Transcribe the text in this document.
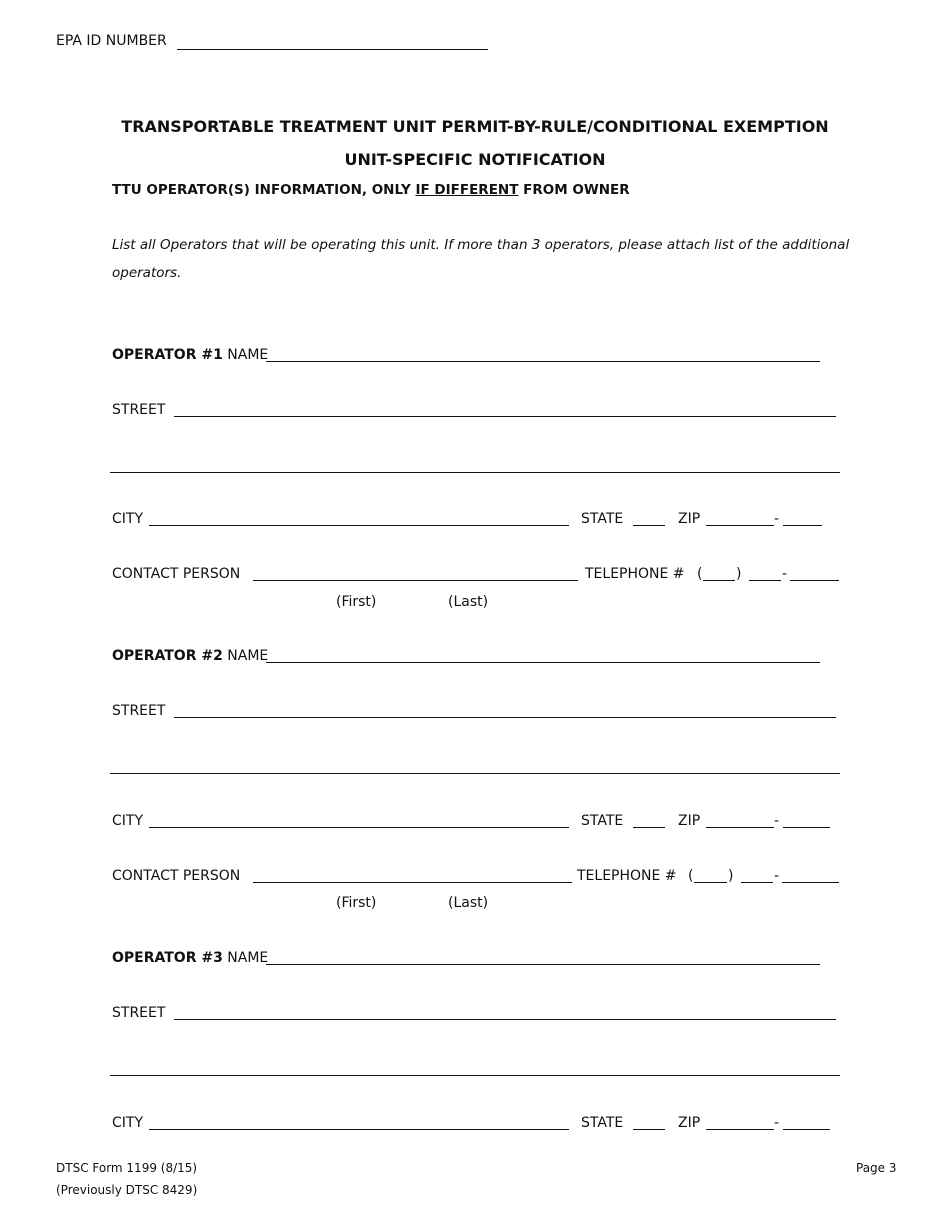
EPA ID NUMBER
TRANSPORTABLE TREATMENT UNIT PERMIT-BY-RULE/CONDITIONAL EXEMPTION
UNIT-SPECIFIC NOTIFICATION
TTU OPERATOR(S) INFORMATION, ONLY IF DIFFERENT FROM OWNER
List all Operators that will be operating this unit. If more than 3 operators, please attach list of the additional
operators.
OPERATOR #1 NAME
STREET
CITY	STATE	ZIP	-
CONTACT PERSON	TELEPHONE # ( )	-
(First)	(Last)
OPERATOR #2 NAME
STREET
CITY	STATE	ZIP	-
CONTACT PERSON	TELEPHONE # ( )	-
(First)	(Last)
OPERATOR #3 NAME
STREET
CITY	STATE	ZIP	-
DTSC Form 1199 (8/15)
(Previously DTSC 8429)
Page 3
